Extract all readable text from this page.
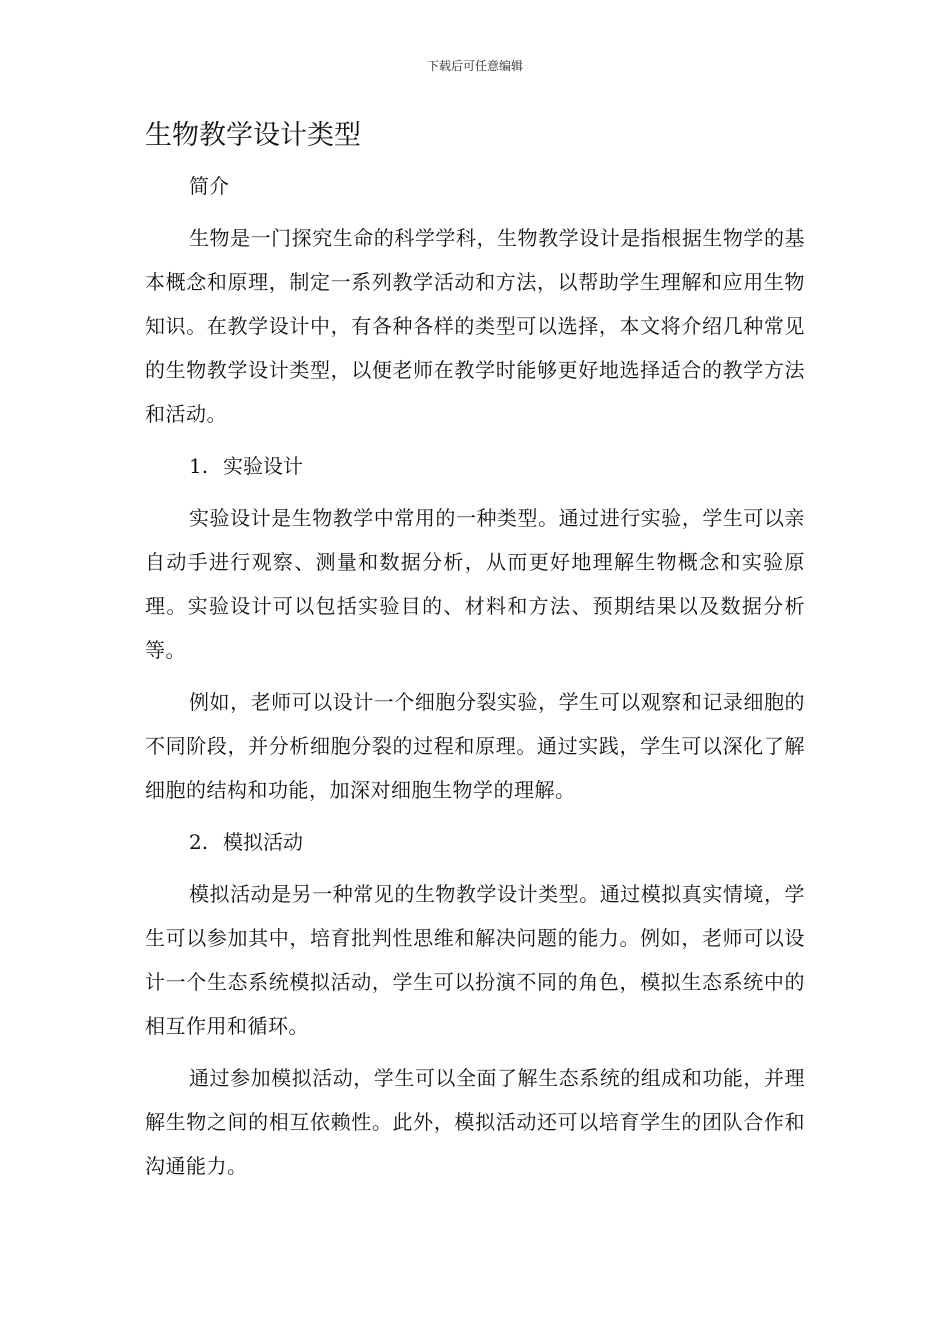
下载后可任意编辑
生物教学设计类型

简介

生物是一门探究生命的科学学科，生物教学设计是指根据生物学的基本概念和原理，制定一系列教学活动和方法，以帮助学生理解和应用生物知识。在教学设计中，有各种各样的类型可以选择，本文将介绍几种常见的生物教学设计类型，以便老师在教学时能够更好地选择适合的教学方法和活动。

1. 实验设计

实验设计是生物教学中常用的一种类型。通过进行实验，学生可以亲自动手进行观察、测量和数据分析，从而更好地理解生物概念和实验原理。实验设计可以包括实验目的、材料和方法、预期结果以及数据分析等。

例如，老师可以设计一个细胞分裂实验，学生可以观察和记录细胞的不同阶段，并分析细胞分裂的过程和原理。通过实践，学生可以深化了解细胞的结构和功能，加深对细胞生物学的理解。

2. 模拟活动

模拟活动是另一种常见的生物教学设计类型。通过模拟真实情境，学生可以参加其中，培育批判性思维和解决问题的能力。例如，老师可以设计一个生态系统模拟活动，学生可以扮演不同的角色，模拟生态系统中的相互作用和循环。

通过参加模拟活动，学生可以全面了解生态系统的组成和功能，并理解生物之间的相互依赖性。此外，模拟活动还可以培育学生的团队合作和沟通能力。
